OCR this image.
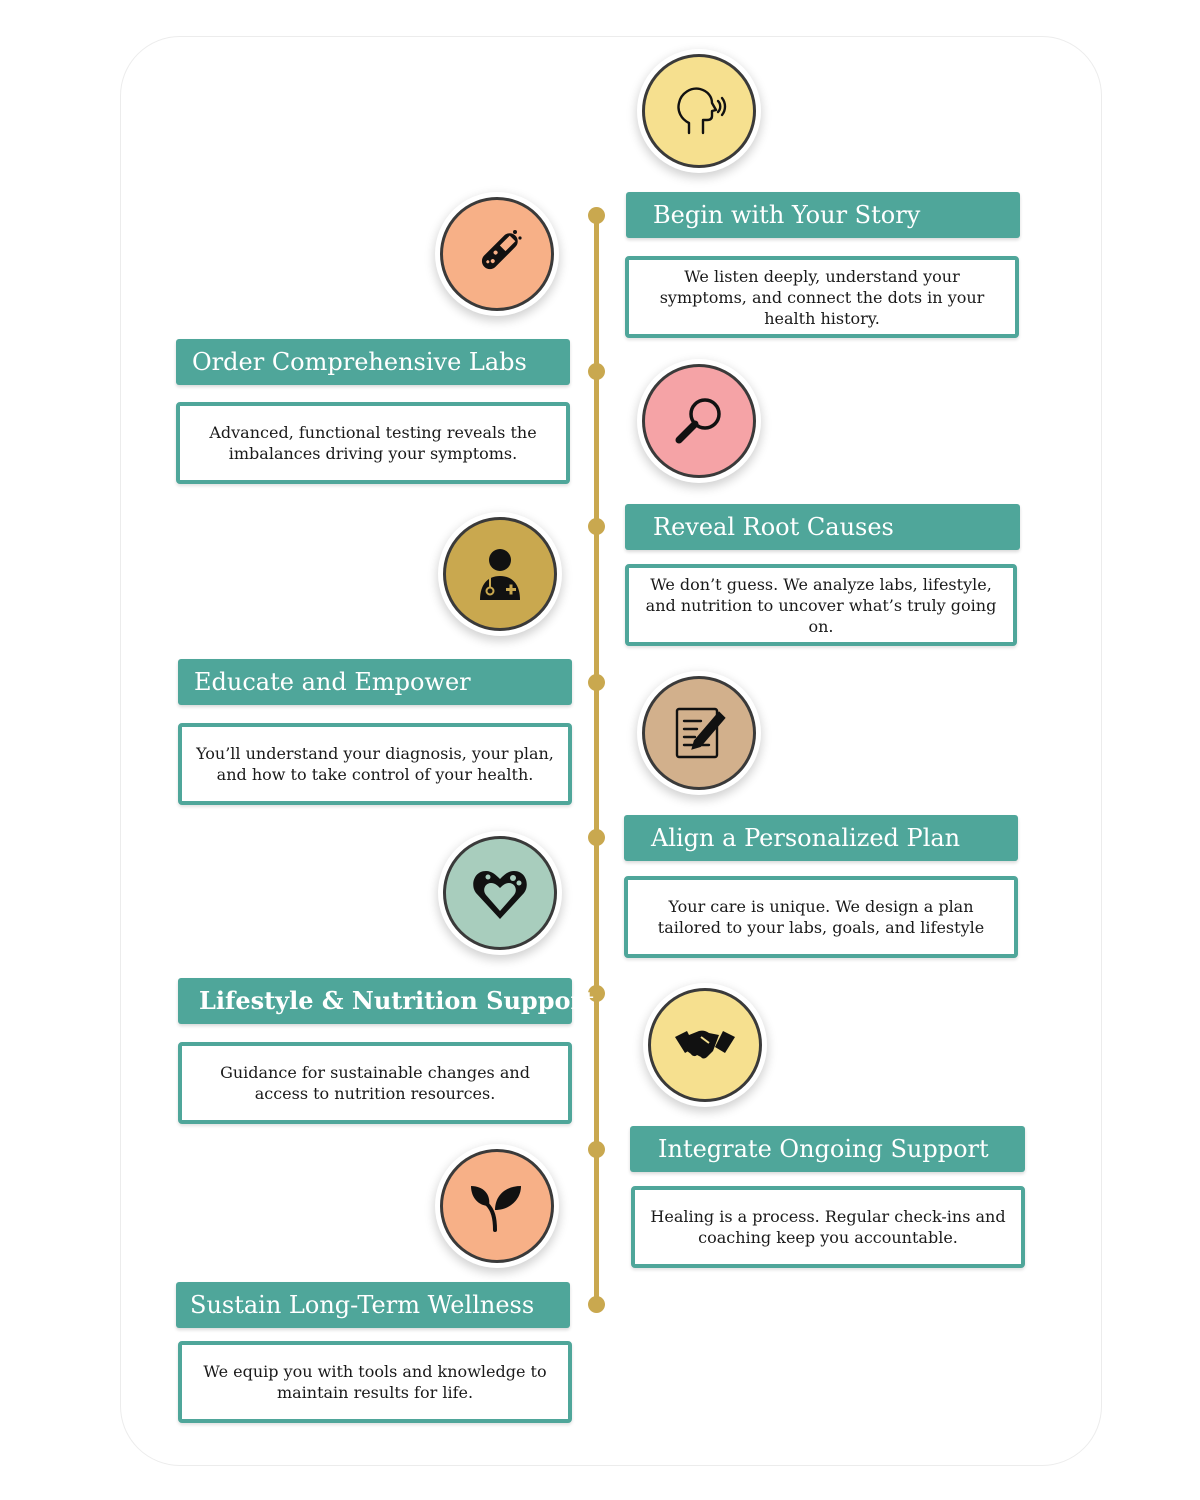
Begin with Your Story
We listen deeply, understand your symptoms, and connect the dots in your health history.
Order Comprehensive Labs
Advanced, functional testing reveals the imbalances driving your symptoms.
Reveal Root Causes
We don’t guess. We analyze labs, lifestyle, and nutrition to uncover what’s truly going on.
Educate and Empower
You’ll understand your diagnosis, your plan, and how to take control of your health.
Align a Personalized Plan
Your care is unique. We design a plan tailored to your labs, goals, and lifestyle
Lifestyle & Nutrition Support
Guidance for sustainable changes and access to nutrition resources.
Integrate Ongoing Support
Healing is a process. Regular check-ins and coaching keep you accountable.
Sustain Long-Term Wellness
We equip you with tools and knowledge to maintain results for life.
